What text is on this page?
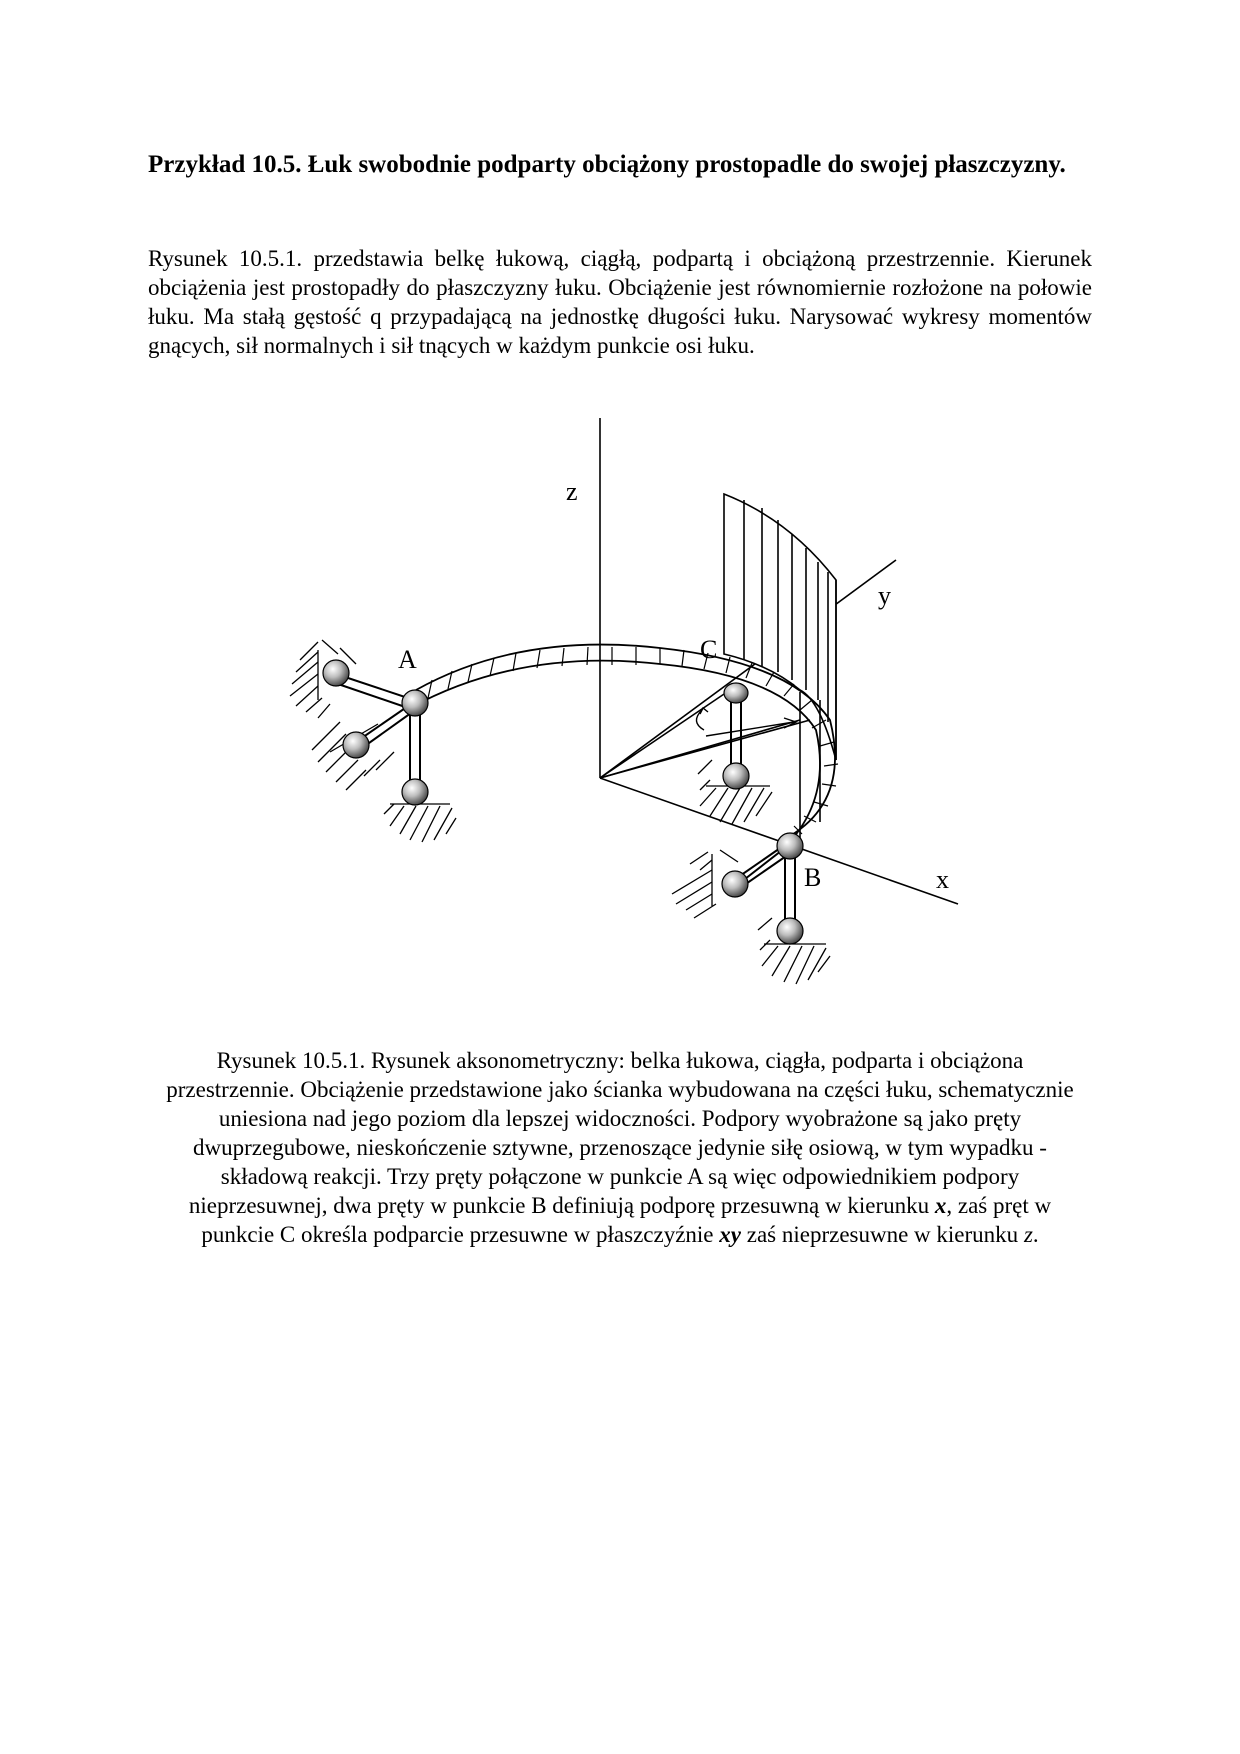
Przykład 10.5. Łuk swobodnie podparty obciążony prostopadle do swojej płaszczyzny.

Rysunek 10.5.1. przedstawia belkę łukową, ciągłą, podpartą i obciążoną przestrzennie. Kierunek obciążenia jest prostopadły do płaszczyzny łuku. Obciążenie jest równomiernie rozłożone na połowie łuku. Ma stałą gęstość q przypadającą na jednostkę długości łuku. Narysować wykresy momentów gnących, sił normalnych i sił tnących w każdym punkcie osi łuku.

z
y
x
A	C
B

Rysunek 10.5.1. Rysunek aksonometryczny: belka łukowa, ciągła, podparta i obciążona przestrzennie. Obciążenie przedstawione jako ścianka wybudowana na części łuku, schematycznie uniesiona nad jego poziom dla lepszej widoczności. Podpory wyobrażone są jako pręty dwuprzegubowe, nieskończenie sztywne, przenoszące jedynie siłę osiową, w tym wypadku - składową reakcji. Trzy pręty połączone w punkcie A są więc odpowiednikiem podpory nieprzesuwnej, dwa pręty w punkcie B definiują podporę przesuwną w kierunku x, zaś pręt w punkcie C określa podparcie przesuwne w płaszczyźnie xy zaś nieprzesuwne w kierunku z.
